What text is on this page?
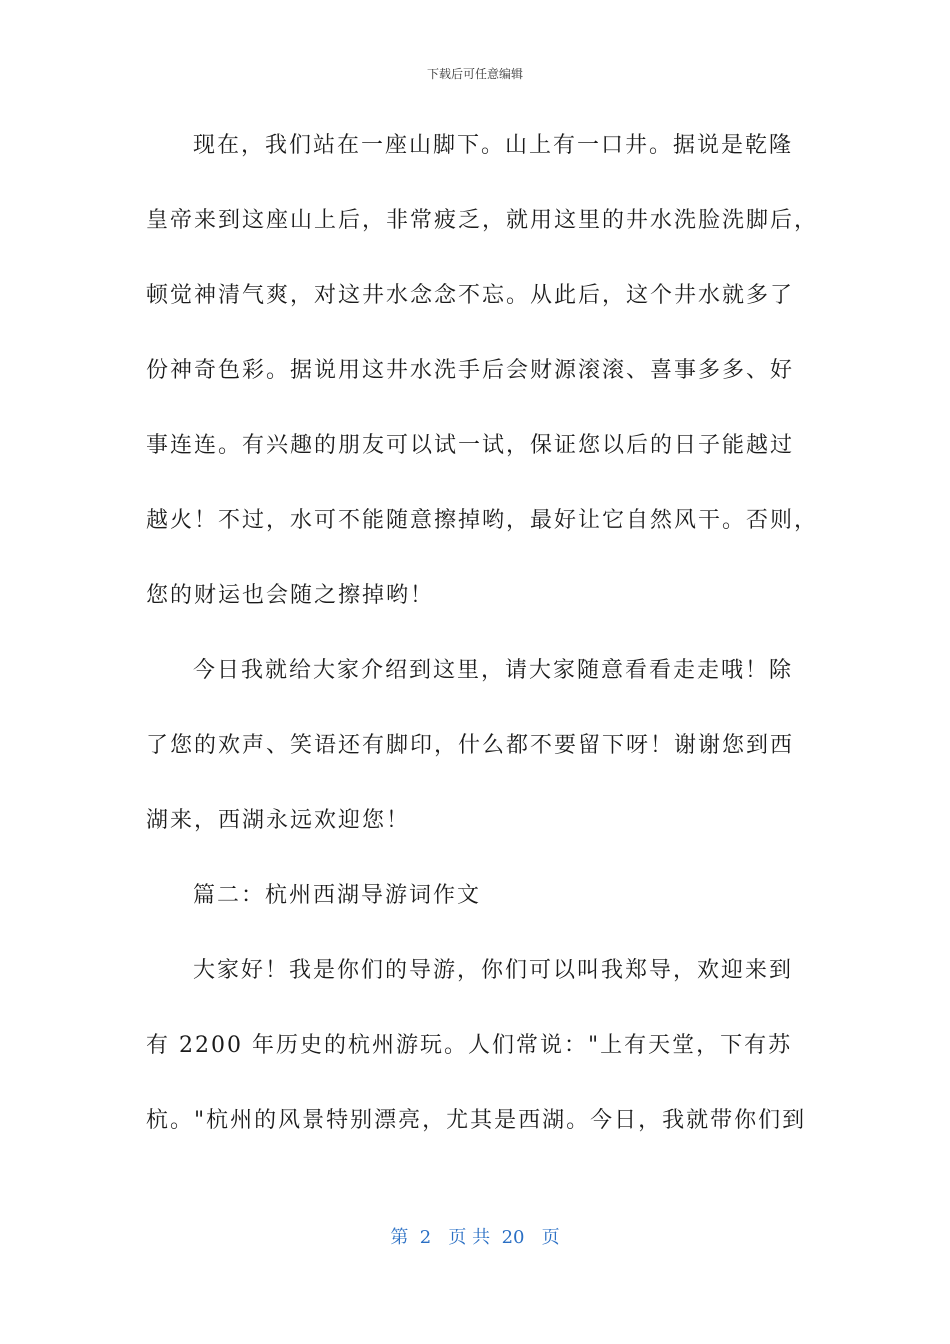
下载后可任意编辑
现在，我们站在一座山脚下。山上有一口井。据说是乾隆
皇帝来到这座山上后，非常疲乏，就用这里的井水洗脸洗脚后，
顿觉神清气爽，对这井水念念不忘。从此后，这个井水就多了
份神奇色彩。据说用这井水洗手后会财源滚滚、喜事多多、好
事连连。有兴趣的朋友可以试一试，保证您以后的日子能越过
越火！不过，水可不能随意擦掉哟，最好让它自然风干。否则，
您的财运也会随之擦掉哟！
今日我就给大家介绍到这里，请大家随意看看走走哦！除
了您的欢声、笑语还有脚印，什么都不要留下呀！谢谢您到西
湖来，西湖永远欢迎您！
篇二：杭州西湖导游词作文
大家好！我是你们的导游，你们可以叫我郑导，欢迎来到
有 2200 年历史的杭州游玩。人们常说："上有天堂，下有苏
杭。"杭州的风景特别漂亮，尤其是西湖。今日，我就带你们到
第  2   页 共  20   页
